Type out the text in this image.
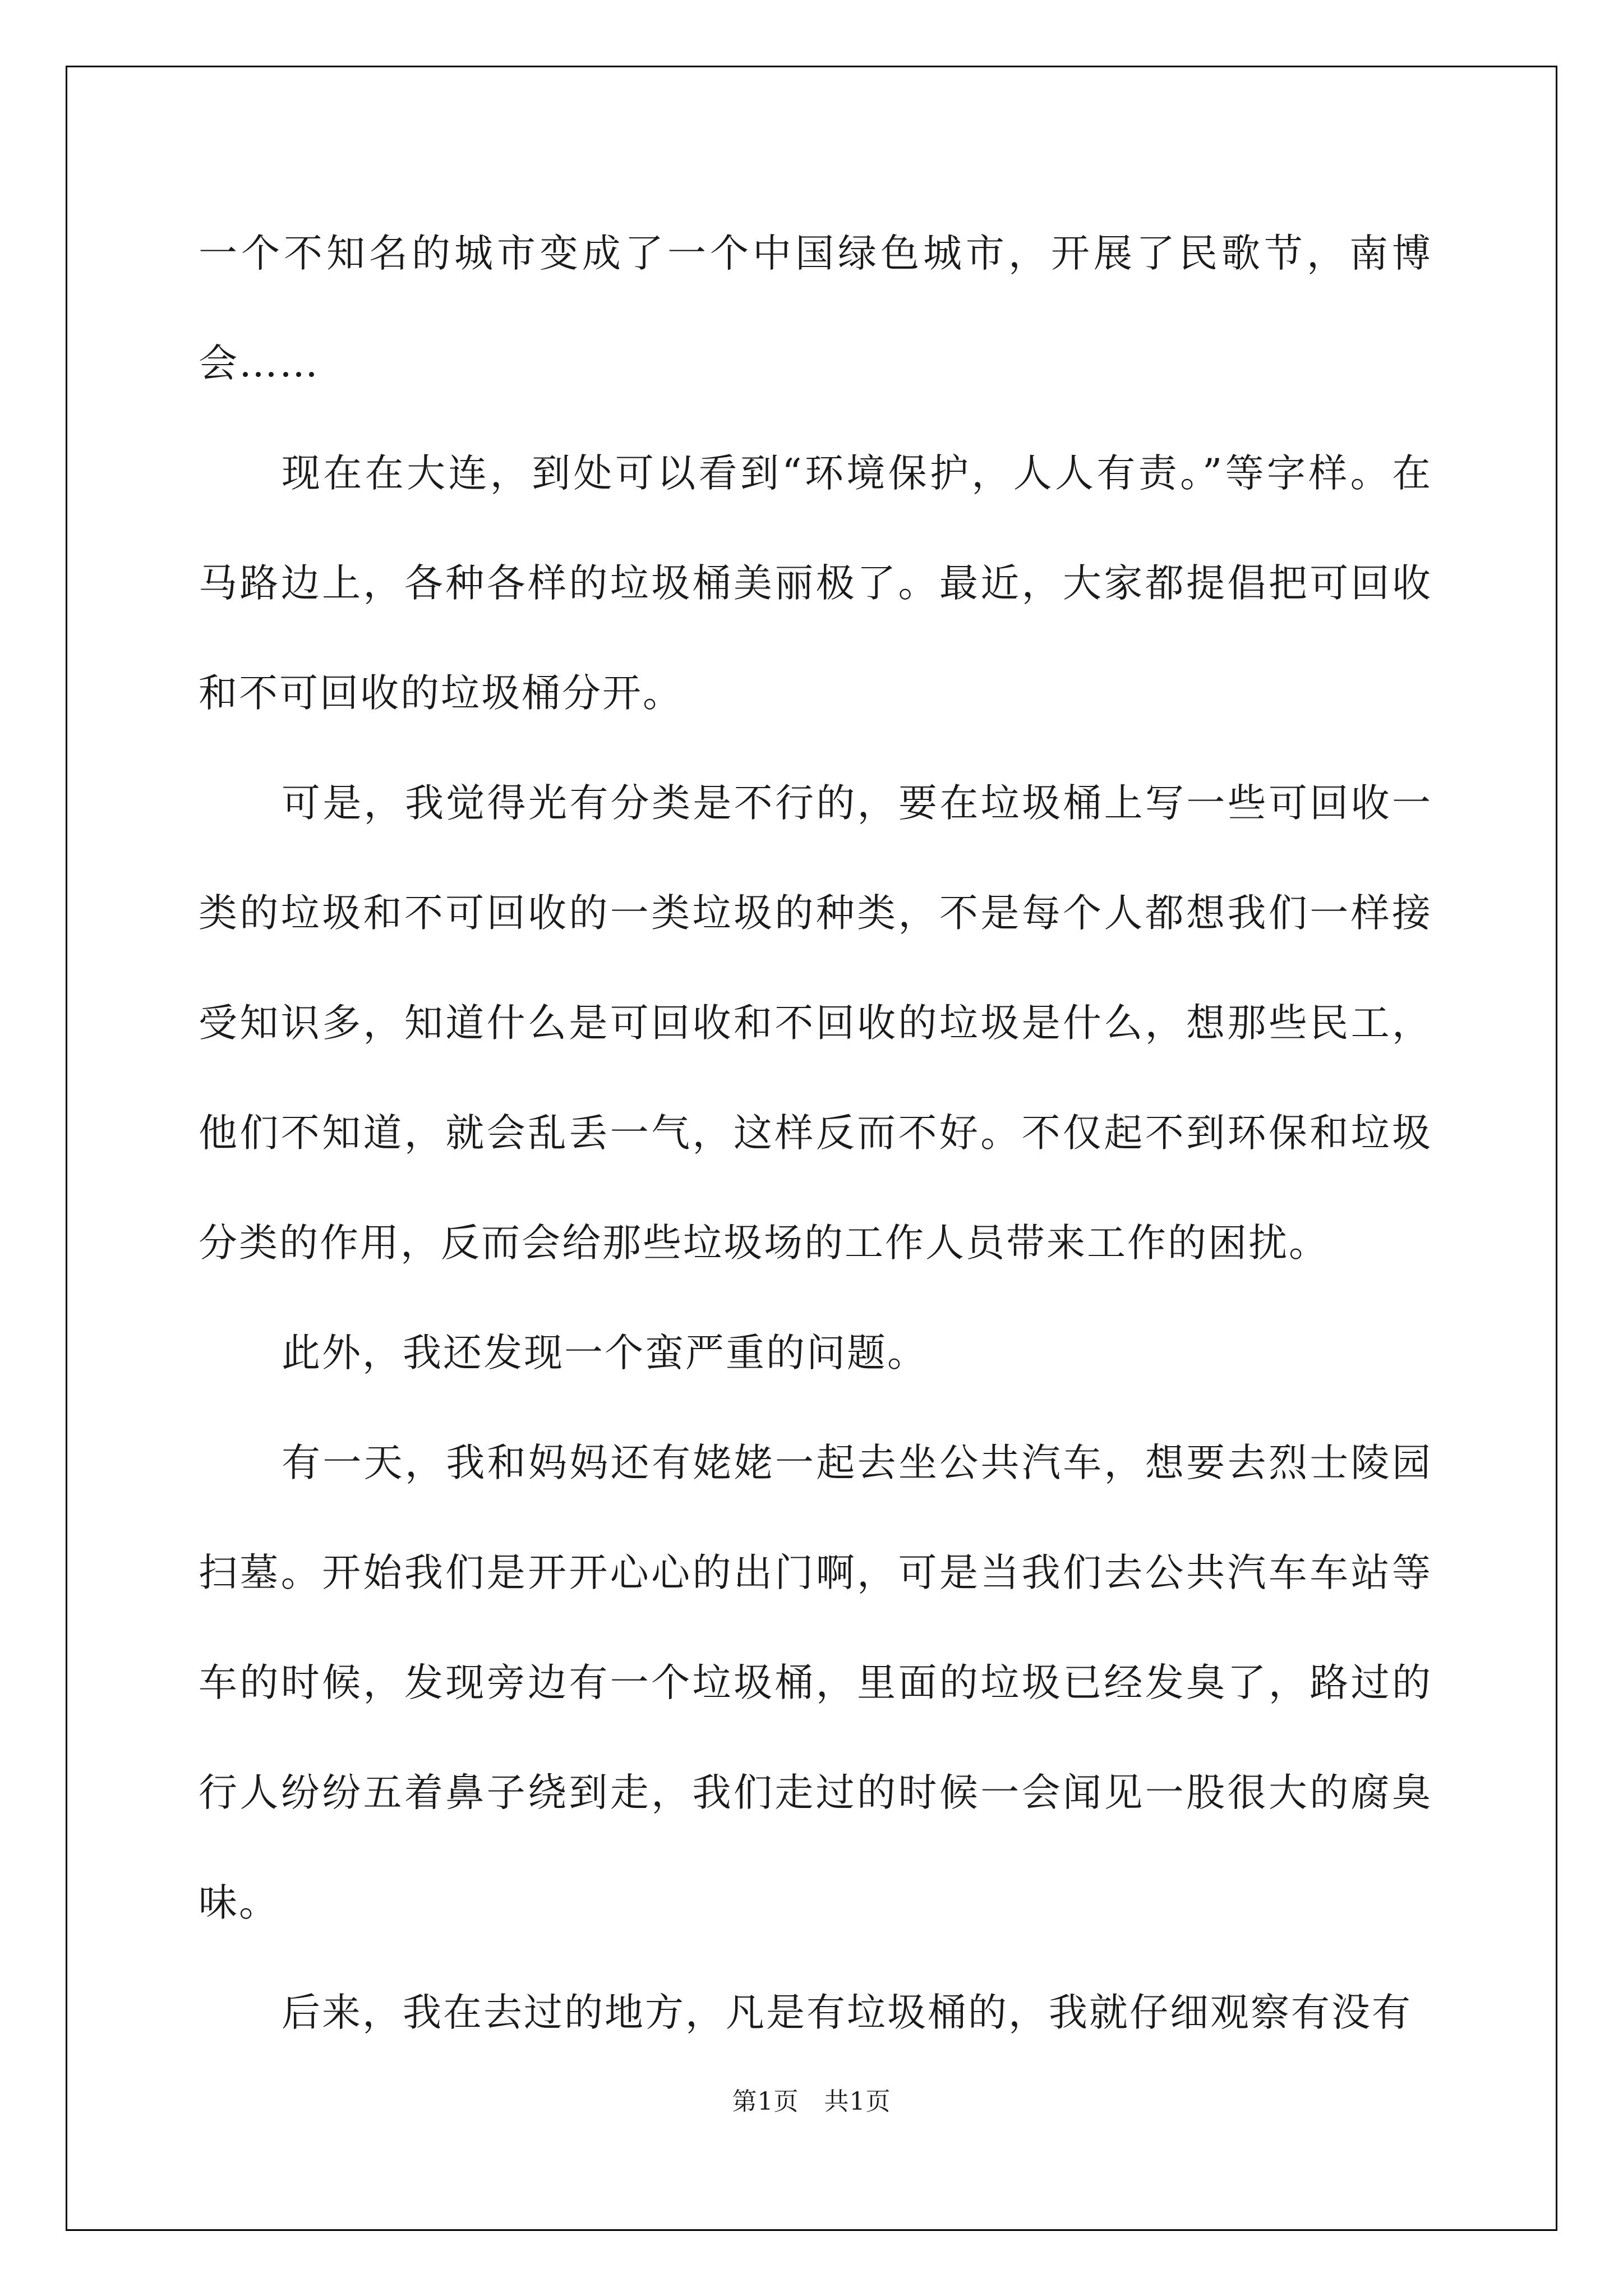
一个不知名的城市变成了一个中国绿色城市，开展了民歌节，南博会……

现在在大连，到处可以看到“环境保护，人人有责。”等字样。在马路边上，各种各样的垃圾桶美丽极了。最近，大家都提倡把可回收和不可回收的垃圾桶分开。

可是，我觉得光有分类是不行的，要在垃圾桶上写一些可回收一类的垃圾和不可回收的一类垃圾的种类，不是每个人都想我们一样接受知识多，知道什么是可回收和不回收的垃圾是什么，想那些民工，他们不知道，就会乱丢一气，这样反而不好。不仅起不到环保和垃圾分类的作用，反而会给那些垃圾场的工作人员带来工作的困扰。

此外，我还发现一个蛮严重的问题。

有一天，我和妈妈还有姥姥一起去坐公共汽车，想要去烈士陵园扫墓。开始我们是开开心心的出门啊，可是当我们去公共汽车车站等车的时候，发现旁边有一个垃圾桶，里面的垃圾已经发臭了，路过的行人纷纷五着鼻子绕到走，我们走过的时候一会闻见一股很大的腐臭味。

后来，我在去过的地方，凡是有垃圾桶的，我就仔细观察有没有

第1页　共1页
